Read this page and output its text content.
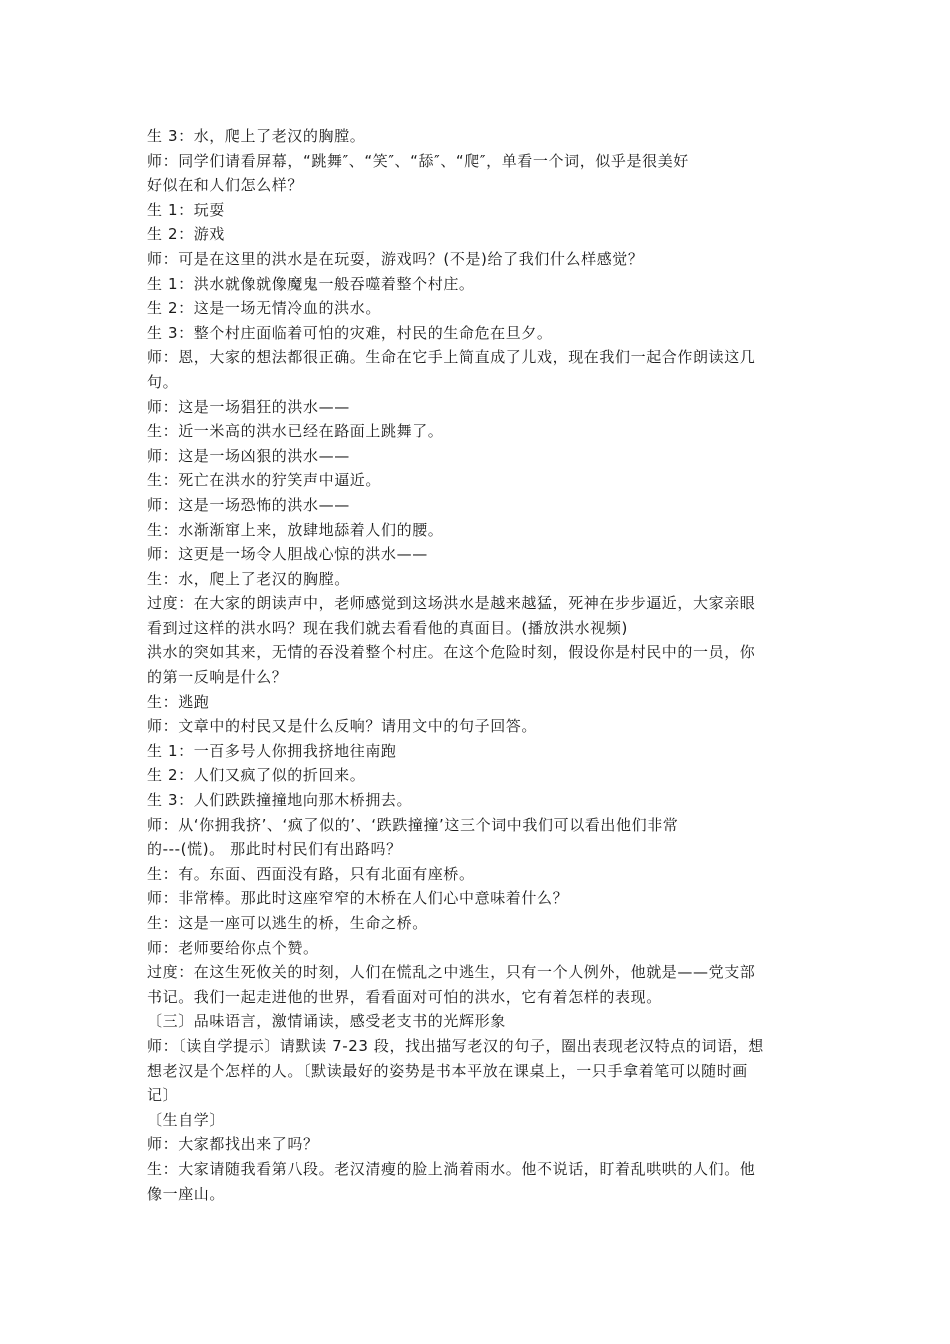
生 3：水，爬上了老汉的胸膛。
师：同学们请看屏幕，“跳舞″、“笑″、“舔″、“爬″，单看一个词，似乎是很美好
好似在和人们怎么样？
生 1：玩耍
生 2：游戏
师：可是在这里的洪水是在玩耍，游戏吗？(不是)给了我们什么样感觉？
生 1：洪水就像就像魔鬼一般吞噬着整个村庄。
生 2：这是一场无情冷血的洪水。
生 3：整个村庄面临着可怕的灾难，村民的生命危在旦夕。
师：恩，大家的想法都很正确。生命在它手上简直成了儿戏，现在我们一起合作朗读这几
句。
师：这是一场猖狂的洪水——
生：近一米高的洪水已经在路面上跳舞了。
师：这是一场凶狠的洪水——
生：死亡在洪水的狞笑声中逼近。
师：这是一场恐怖的洪水——
生：水渐渐窜上来，放肆地舔着人们的腰。
师：这更是一场令人胆战心惊的洪水——
生：水，爬上了老汉的胸膛。
过度：在大家的朗读声中，老师感觉到这场洪水是越来越猛，死神在步步逼近，大家亲眼
看到过这样的洪水吗？现在我们就去看看他的真面目。(播放洪水视频)
洪水的突如其来，无情的吞没着整个村庄。在这个危险时刻，假设你是村民中的一员，你
的第一反响是什么？
生：逃跑
师：文章中的村民又是什么反响？请用文中的句子回答。
生 1：一百多号人你拥我挤地往南跑
生 2：人们又疯了似的折回来。
生 3：人们跌跌撞撞地向那木桥拥去。
师：从‘你拥我挤’、‘疯了似的’、‘跌跌撞撞’这三个词中我们可以看出他们非常
的---(慌)。 那此时村民们有出路吗？
生：有。东面、西面没有路，只有北面有座桥。
师：非常棒。那此时这座窄窄的木桥在人们心中意味着什么？
生：这是一座可以逃生的桥，生命之桥。
师：老师要给你点个赞。
过度：在这生死攸关的时刻，人们在慌乱之中逃生，只有一个人例外，他就是——党支部
书记。我们一起走进他的世界，看看面对可怕的洪水，它有着怎样的表现。
〔三〕品味语言，激情诵读，感受老支书的光辉形象
师：〔读自学提示〕请默读 7-23 段，找出描写老汉的句子，圈出表现老汉特点的词语，想
想老汉是个怎样的人。〔默读最好的姿势是书本平放在课桌上，一只手拿着笔可以随时画
记〕
〔生自学〕
师：大家都找出来了吗？
生：大家请随我看第八段。老汉清瘦的脸上淌着雨水。他不说话，盯着乱哄哄的人们。他
像一座山。
